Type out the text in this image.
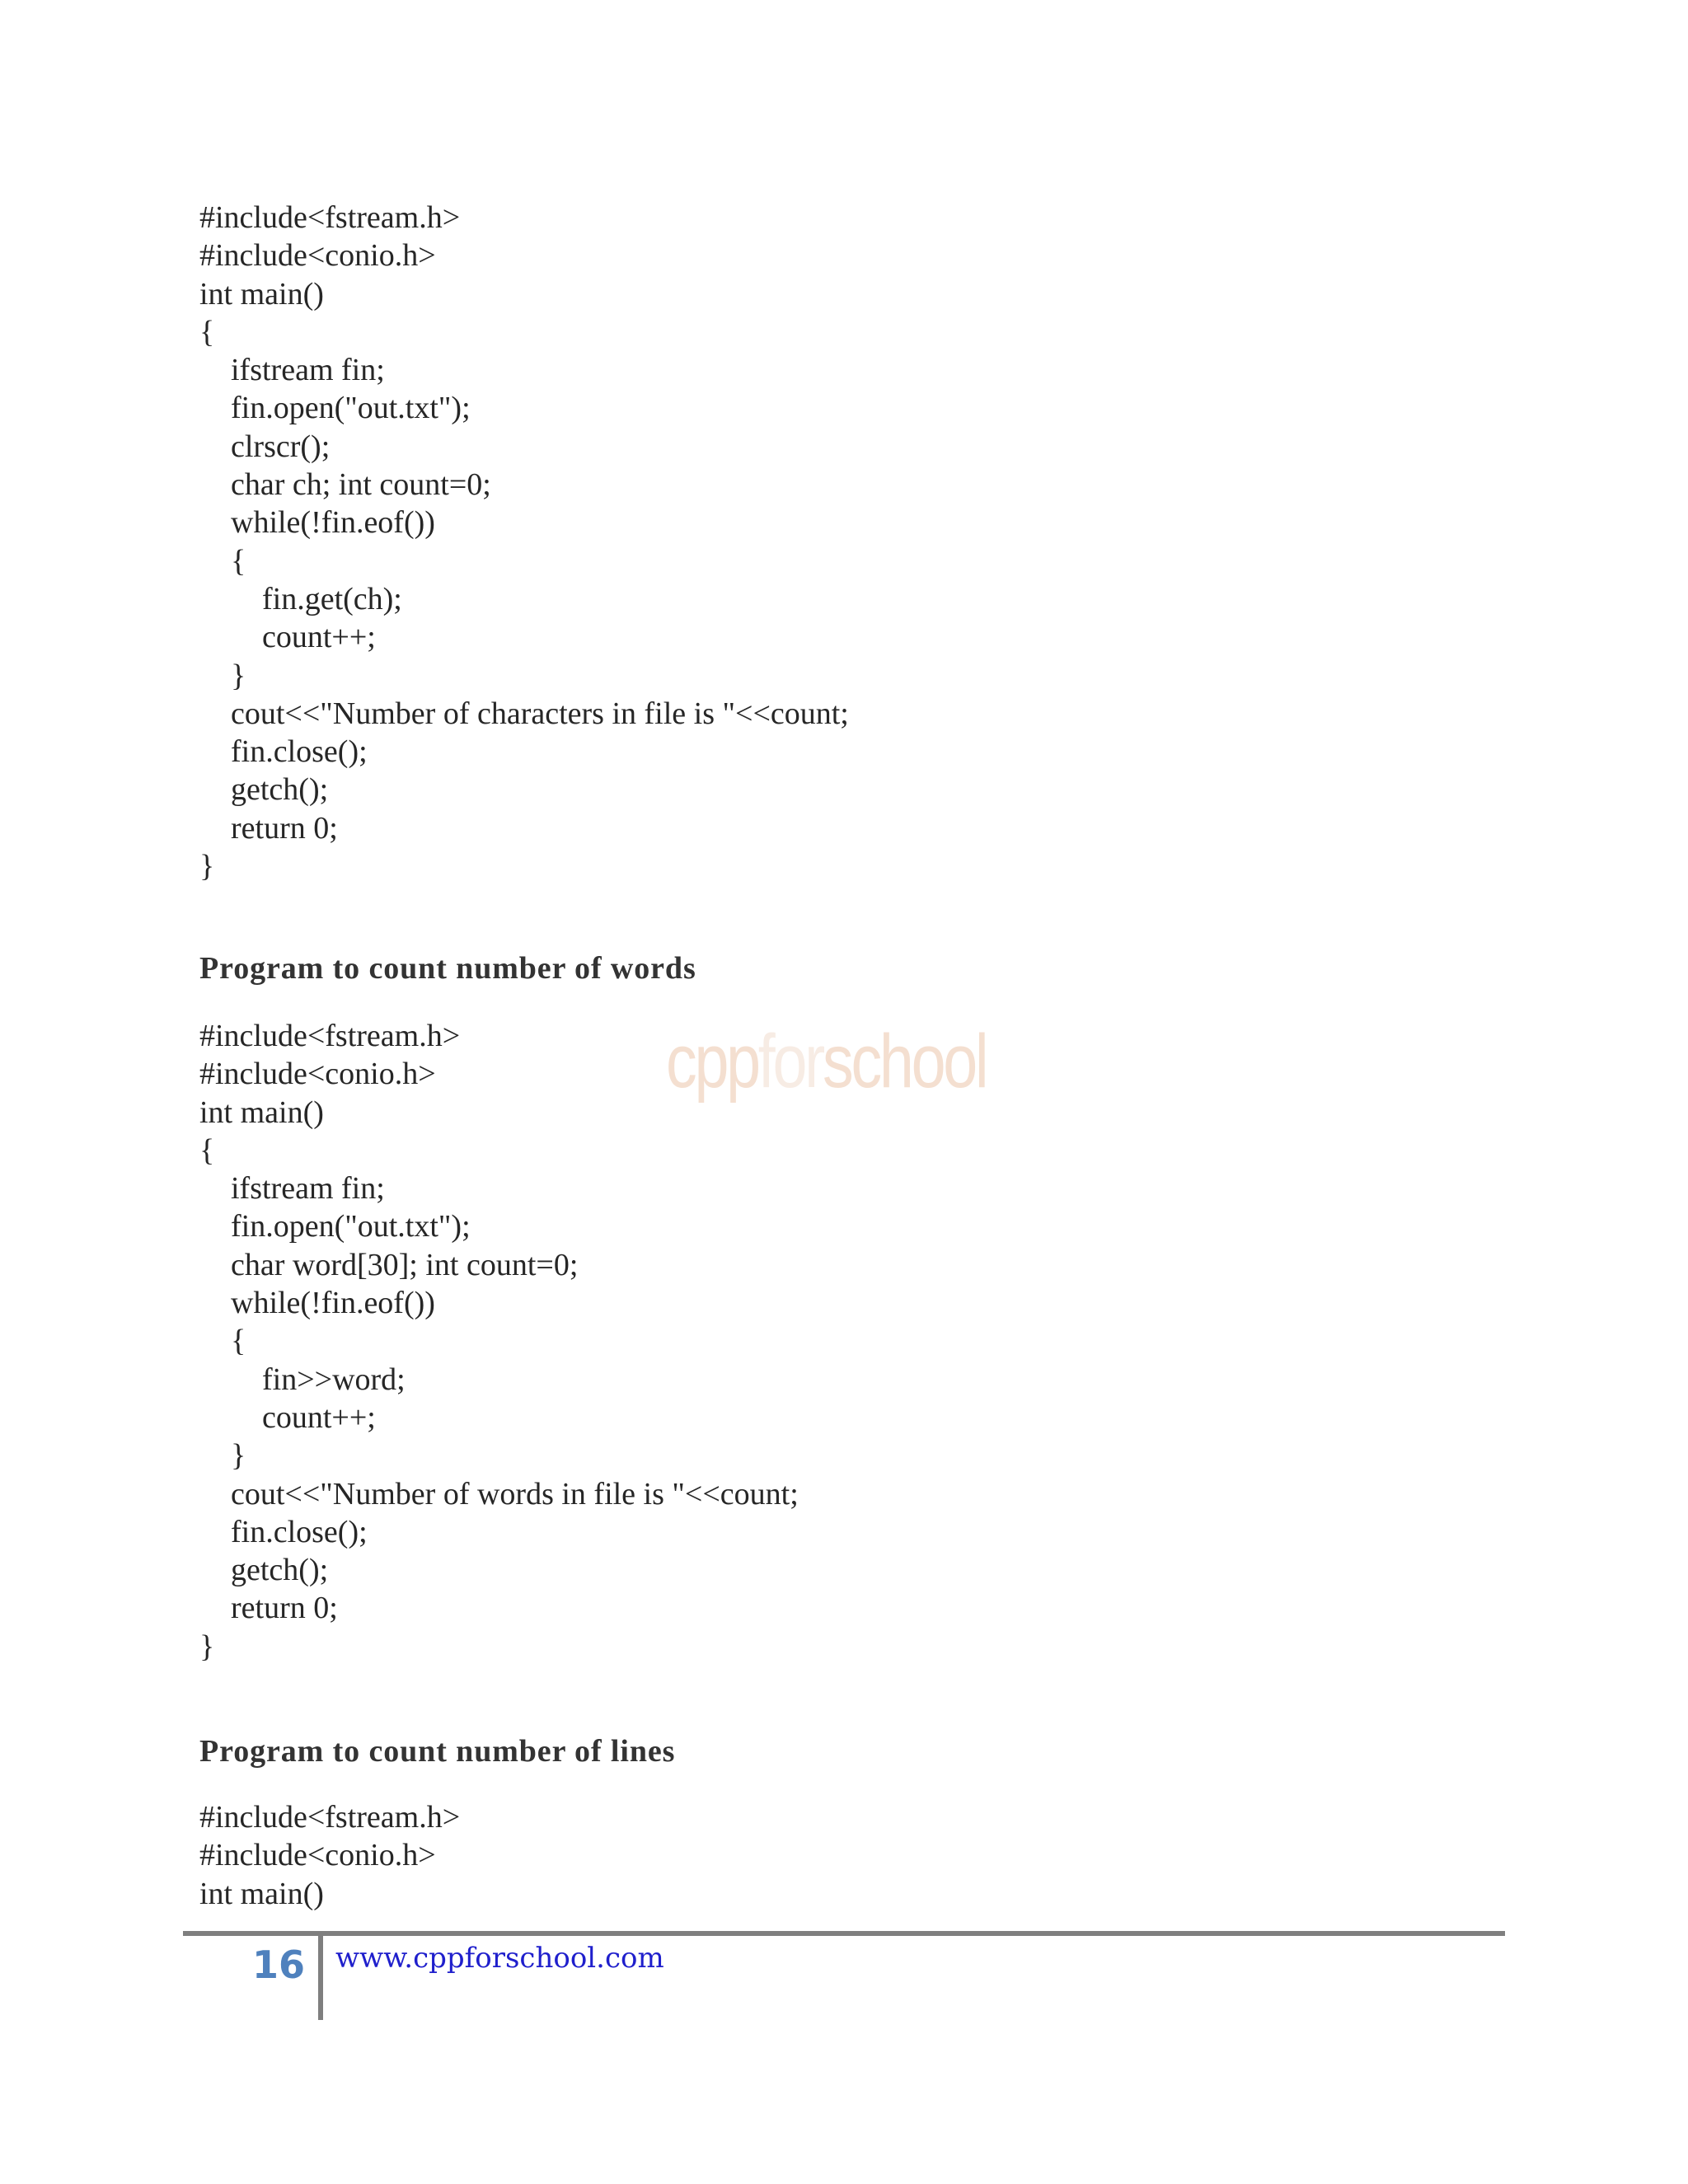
cppforschool
#include<fstream.h>
#include<conio.h>
int main()
{
ifstream fin;
fin.open("out.txt");
clrscr();
char ch; int count=0;
while(!fin.eof())
{
fin.get(ch);
count++;
}
cout<<"Number of characters in file is "<<count;
fin.close();
getch();
return 0;
}
Program to count number of words
#include<fstream.h>
#include<conio.h>
int main()
{
ifstream fin;
fin.open("out.txt");
char word[30]; int count=0;
while(!fin.eof())
{
fin>>word;
count++;
}
cout<<"Number of words in file is "<<count;
fin.close();
getch();
return 0;
}
Program to count number of lines
#include<fstream.h>
#include<conio.h>
int main()
16 www.cppforschool.com
